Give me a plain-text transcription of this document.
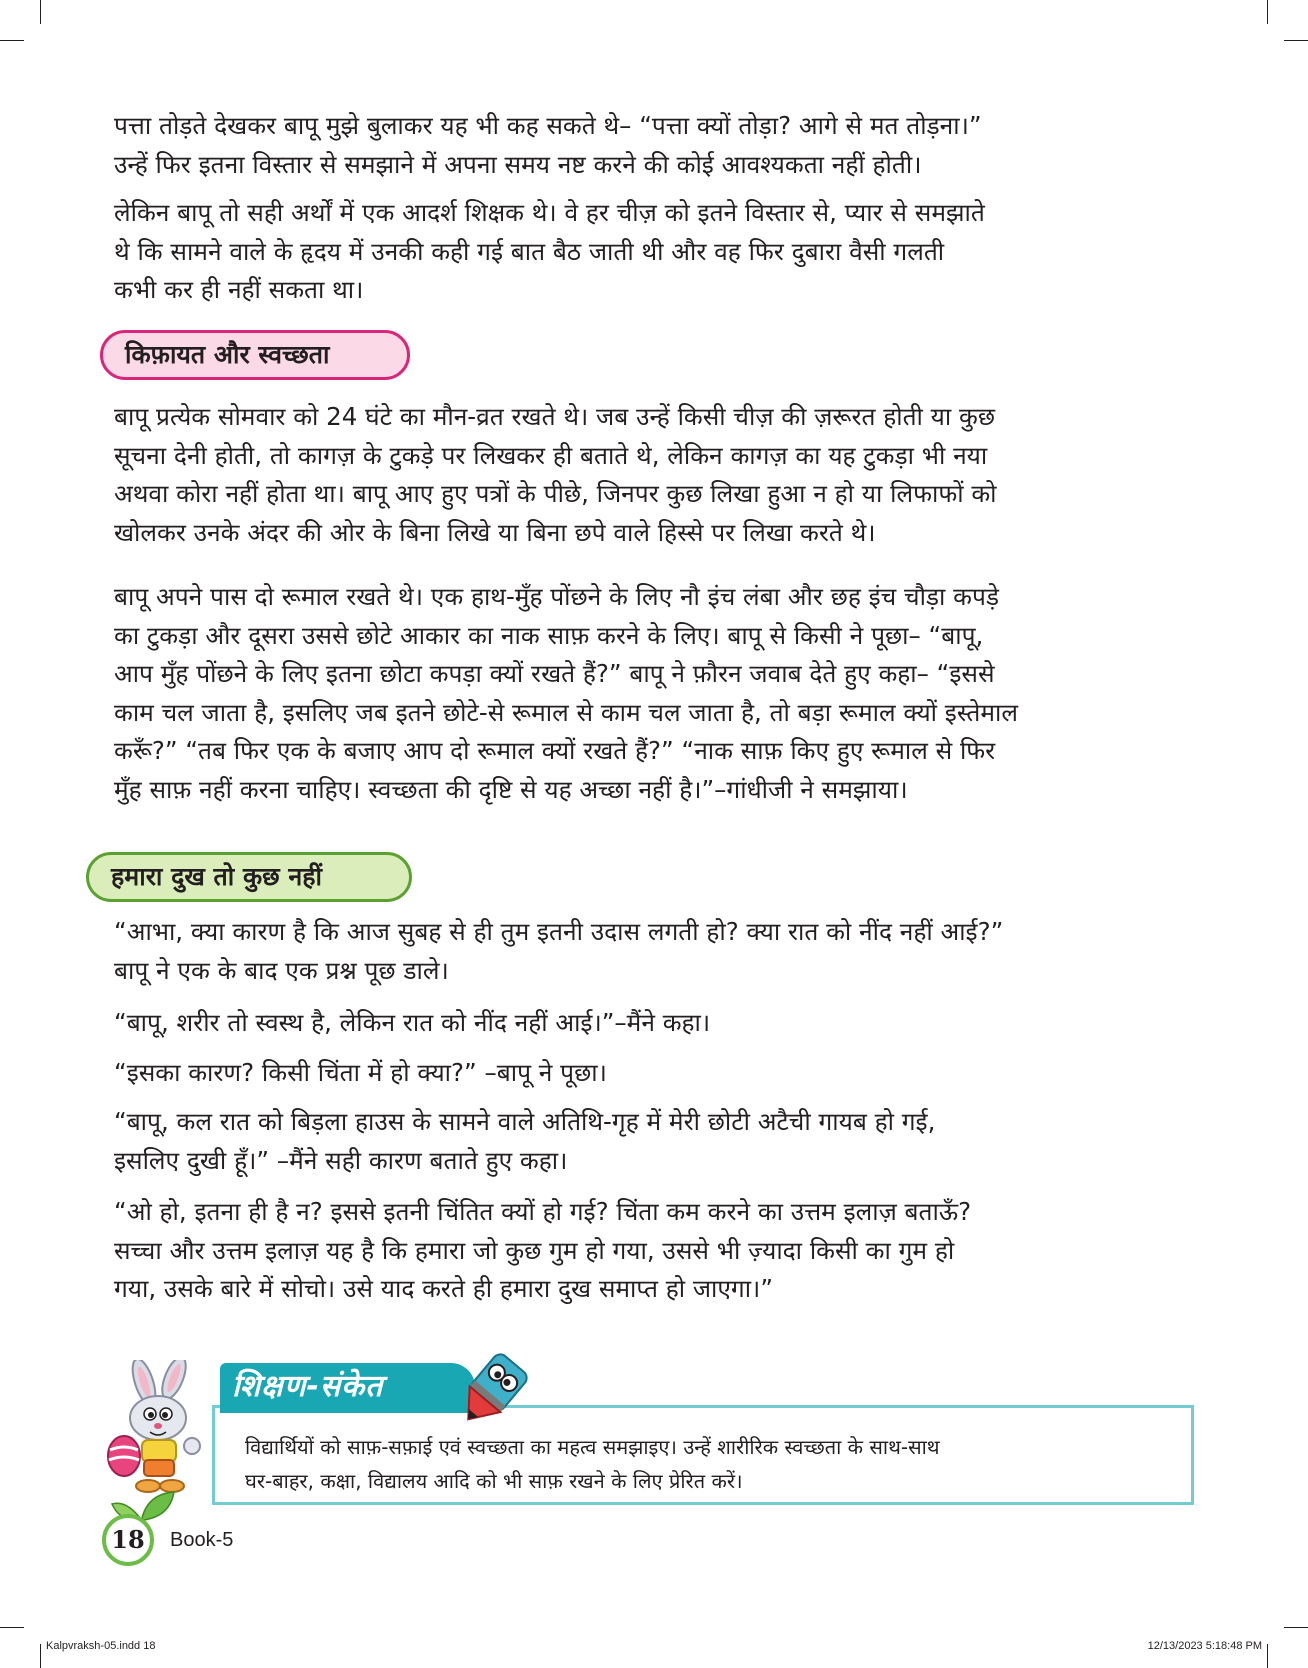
पत्ता तोड़ते देखकर बापू मुझे बुलाकर यह भी कह सकते थे– “पत्ता क्यों तोड़ा? आगे से मत तोड़ना।”
उन्हें फिर इतना विस्तार से समझाने में अपना समय नष्ट करने की कोई आवश्यकता नहीं होती।
लेकिन बापू तो सही अर्थों में एक आदर्श शिक्षक थे। वे हर चीज़ को इतने विस्तार से, प्यार से समझाते
थे कि सामने वाले के हृदय में उनकी कही गई बात बैठ जाती थी और वह फिर दुबारा वैसी गलती
कभी कर ही नहीं सकता था।
किफ़ायत और स्वच्छता
बापू प्रत्येक सोमवार को 24 घंटे का मौन-व्रत रखते थे। जब उन्हें किसी चीज़ की ज़रूरत होती या कुछ
सूचना देनी होती, तो कागज़ के टुकड़े पर लिखकर ही बताते थे, लेकिन कागज़ का यह टुकड़ा भी नया
अथवा कोरा नहीं होता था। बापू आए हुए पत्रों के पीछे, जिनपर कुछ लिखा हुआ न हो या लिफाफों को
खोलकर उनके अंदर की ओर के बिना लिखे या बिना छपे वाले हिस्से पर लिखा करते थे।
बापू अपने पास दो रूमाल रखते थे। एक हाथ-मुँह पोंछने के लिए नौ इंच लंबा और छह इंच चौड़ा कपड़े
का टुकड़ा और दूसरा उससे छोटे आकार का नाक साफ़ करने के लिए। बापू से किसी ने पूछा– “बापू,
आप मुँह पोंछने के लिए इतना छोटा कपड़ा क्यों रखते हैं?” बापू ने फ़ौरन जवाब देते हुए कहा– “इससे
काम चल जाता है, इसलिए जब इतने छोटे-से रूमाल से काम चल जाता है, तो बड़ा रूमाल क्यों इस्तेमाल
करूँ?” “तब फिर एक के बजाए आप दो रूमाल क्यों रखते हैं?” “नाक साफ़ किए हुए रूमाल से फिर
मुँह साफ़ नहीं करना चाहिए। स्वच्छता की दृष्टि से यह अच्छा नहीं है।”–गांधीजी ने समझाया।
हमारा दुख तो कुछ नहीं
“आभा, क्या कारण है कि आज सुबह से ही तुम इतनी उदास लगती हो? क्या रात को नींद नहीं आई?”
बापू ने एक के बाद एक प्रश्न पूछ डाले।
“बापू, शरीर तो स्वस्थ है, लेकिन रात को नींद नहीं आई।”–मैंने कहा।
“इसका कारण? किसी चिंता में हो क्या?” –बापू ने पूछा।
“बापू, कल रात को बिड़ला हाउस के सामने वाले अतिथि-गृह में मेरी छोटी अटैची गायब हो गई,
इसलिए दुखी हूँ।” –मैंने सही कारण बताते हुए कहा।
“ओ हो, इतना ही है न? इससे इतनी चिंतित क्यों हो गई? चिंता कम करने का उत्तम इलाज़ बताऊँ?
सच्चा और उत्तम इलाज़ यह है कि हमारा जो कुछ गुम हो गया, उससे भी ज़्यादा किसी का गुम हो
गया, उसके बारे में सोचो। उसे याद करते ही हमारा दुख समाप्त हो जाएगा।”
विद्यार्थियों को साफ़-सफ़ाई एवं स्वच्छता का महत्व समझाइए। उन्हें शारीरिक स्वच्छता के साथ-साथ
घर-बाहर, कक्षा, विद्यालय आदि को भी साफ़ रखने के लिए प्रेरित करें।
शिक्षण-संकेत
18	Book-5
Kalpvraksh-05.indd 18	12/13/2023 5:18:48 PM
